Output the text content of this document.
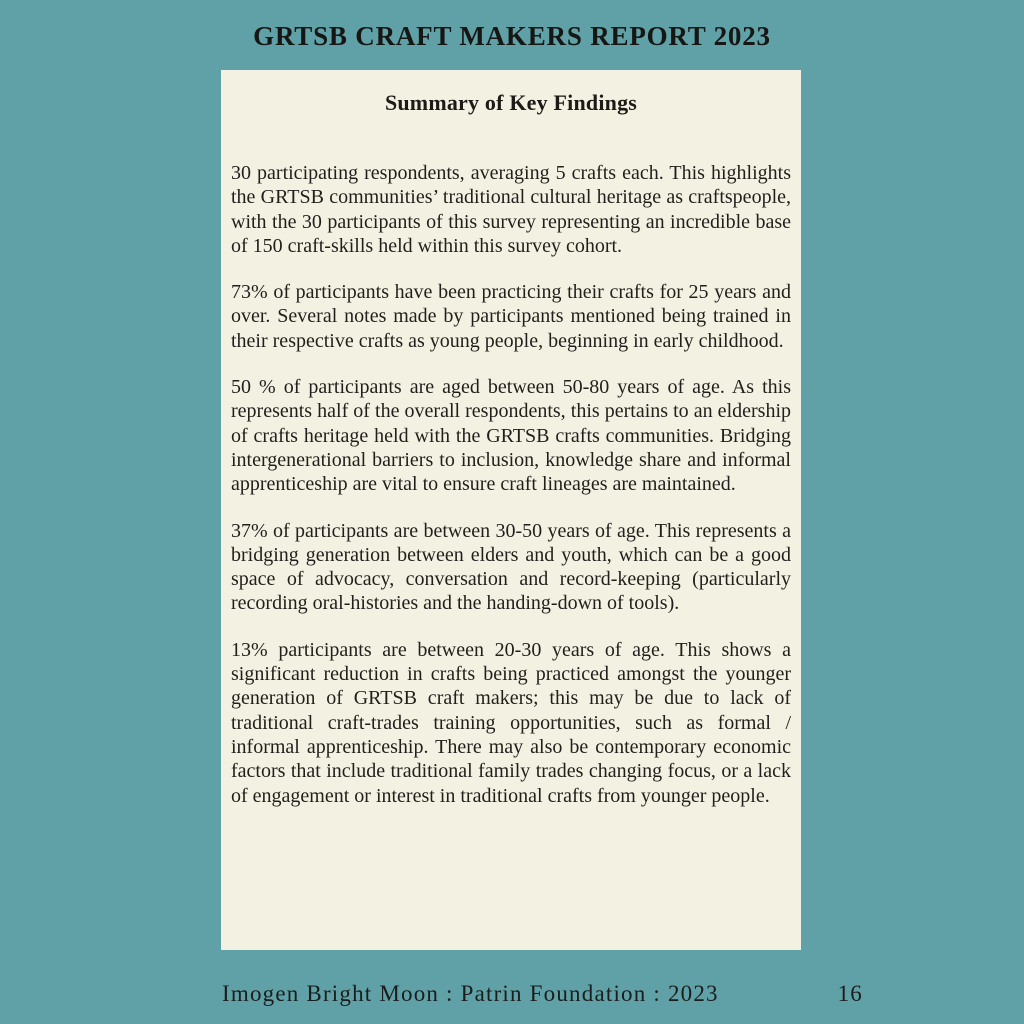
GRTSB CRAFT MAKERS REPORT 2023
Summary of Key Findings

30 participating respondents, averaging 5 crafts each. This highlights the GRTSB communities’ traditional cultural heritage as craftspeople, with the 30 participants of this survey representing an incredible base of 150 craft-skills held within this survey cohort.

73% of participants have been practicing their crafts for 25 years and over. Several notes made by participants mentioned being trained in their respective crafts as young people, beginning in early childhood.

50 % of participants are aged between 50-80 years of age. As this represents half of the overall respondents, this pertains to an eldership of crafts heritage held with the GRTSB crafts communities. Bridging intergenerational barriers to inclusion, knowledge share and informal apprenticeship are vital to ensure craft lineages are maintained.

37% of participants are between 30-50 years of age. This represents a bridging generation between elders and youth, which can be a good space of advocacy, conversation and record-keeping (particularly recording oral-histories and the handing-down of tools).

13% participants are between 20-30 years of age. This shows a significant reduction in crafts being practiced amongst the younger generation of GRTSB craft makers; this may be due to lack of traditional craft-trades training opportunities, such as formal / informal apprenticeship. There may also be contemporary economic factors that include traditional family trades changing focus, or a lack of engagement or interest in traditional crafts from younger people.

Imogen Bright Moon : Patrin Foundation : 2023	16
